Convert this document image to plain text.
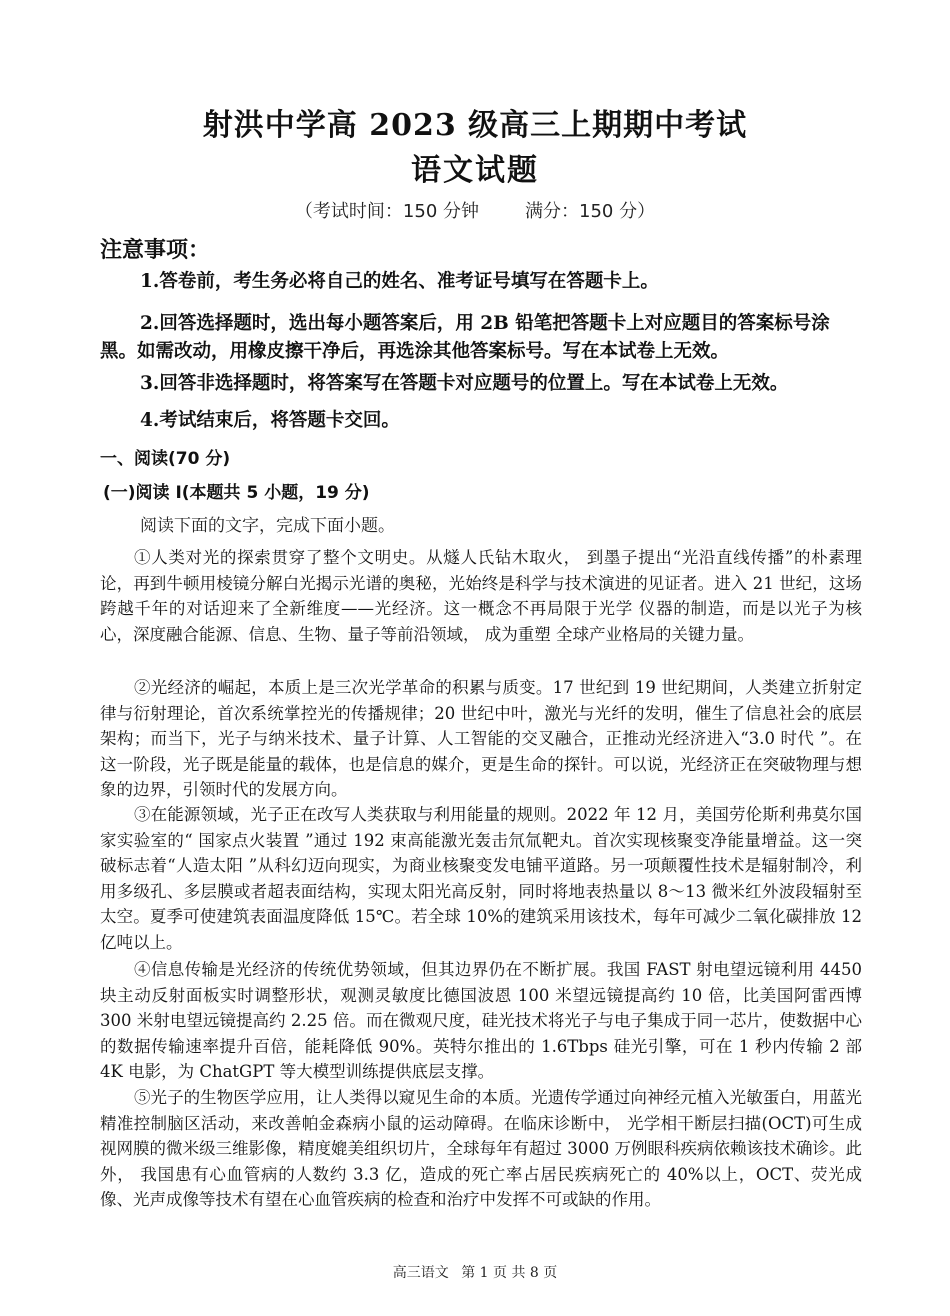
射洪中学高 2023 级高三上期期中考试
语文试题
（考试时间：150 分钟	满分：150 分）
注意事项：
1.答卷前，考生务必将自己的姓名、准考证号填写在答题卡上。
2.回答选择题时，选出每小题答案后，用 2B 铅笔把答题卡上对应题目的答案标号涂黑。如需改动，用橡皮擦干净后，再选涂其他答案标号。写在本试卷上无效。
3.回答非选择题时，将答案写在答题卡对应题号的位置上。写在本试卷上无效。
4.考试结束后，将答题卡交回。
一、阅读(70 分)
(一)阅读 I(本题共 5 小题，19 分)
阅读下面的文字，完成下面小题。
①人类对光的探索贯穿了整个文明史。从燧人氏钻木取火， 到墨子提出“光沿直线传播”的朴素理论，再到牛顿用棱镜分解白光揭示光谱的奥秘，光始终是科学与技术演进的见证者。进入 21 世纪，这场跨越千年的对话迎来了全新维度——光经济。这一概念不再局限于光学 仪器的制造，而是以光子为核心，深度融合能源、信息、生物、量子等前沿领域， 成为重塑 全球产业格局的关键力量。
②光经济的崛起，本质上是三次光学革命的积累与质变。17 世纪到 19 世纪期间，人类建立折射定律与衍射理论，首次系统掌控光的传播规律；20 世纪中叶，激光与光纤的发明，催生了信息社会的底层架构；而当下，光子与纳米技术、量子计算、人工智能的交叉融合，正推动光经济进入“3.0 时代 ”。在这一阶段，光子既是能量的载体，也是信息的媒介，更是生命的探针。可以说，光经济正在突破物理与想象的边界，引领时代的发展方向。
③在能源领域，光子正在改写人类获取与利用能量的规则。2022 年 12 月，美国劳伦斯利弗莫尔国家实验室的“ 国家点火装置 ”通过 192 束高能激光轰击氘氚靶丸。首次实现核聚变净能量增益。这一突破标志着“人造太阳 ”从科幻迈向现实，为商业核聚变发电铺平道路。另一项颠覆性技术是辐射制冷，利用多级孔、多层膜或者超表面结构，实现太阳光高反射，同时将地表热量以 8～13 微米红外波段辐射至太空。夏季可使建筑表面温度降低 15℃。若全球 10%的建筑采用该技术，每年可减少二氧化碳排放 12 亿吨以上。
④信息传输是光经济的传统优势领域，但其边界仍在不断扩展。我国 FAST 射电望远镜利用 4450 块主动反射面板实时调整形状，观测灵敏度比德国波恩 100 米望远镜提高约 10 倍，比美国阿雷西博 300 米射电望远镜提高约 2.25 倍。而在微观尺度，硅光技术将光子与电子集成于同一芯片，使数据中心的数据传输速率提升百倍，能耗降低 90%。英特尔推出的 1.6Tbps 硅光引擎，可在 1 秒内传输 2 部 4K 电影，为 ChatGPT 等大模型训练提供底层支撑。
⑤光子的生物医学应用，让人类得以窥见生命的本质。光遗传学通过向神经元植入光敏蛋白，用蓝光精准控制脑区活动，来改善帕金森病小鼠的运动障碍。在临床诊断中， 光学相干断层扫描(OCT)可生成视网膜的微米级三维影像，精度媲美组织切片，全球每年有超过 3000 万例眼科疾病依赖该技术确诊。此外， 我国患有心血管病的人数约 3.3 亿，造成的死亡率占居民疾病死亡的 40%以上，OCT、荧光成像、光声成像等技术有望在心血管疾病的检查和治疗中发挥不可或缺的作用。
高三语文 第 1 页 共 8 页
